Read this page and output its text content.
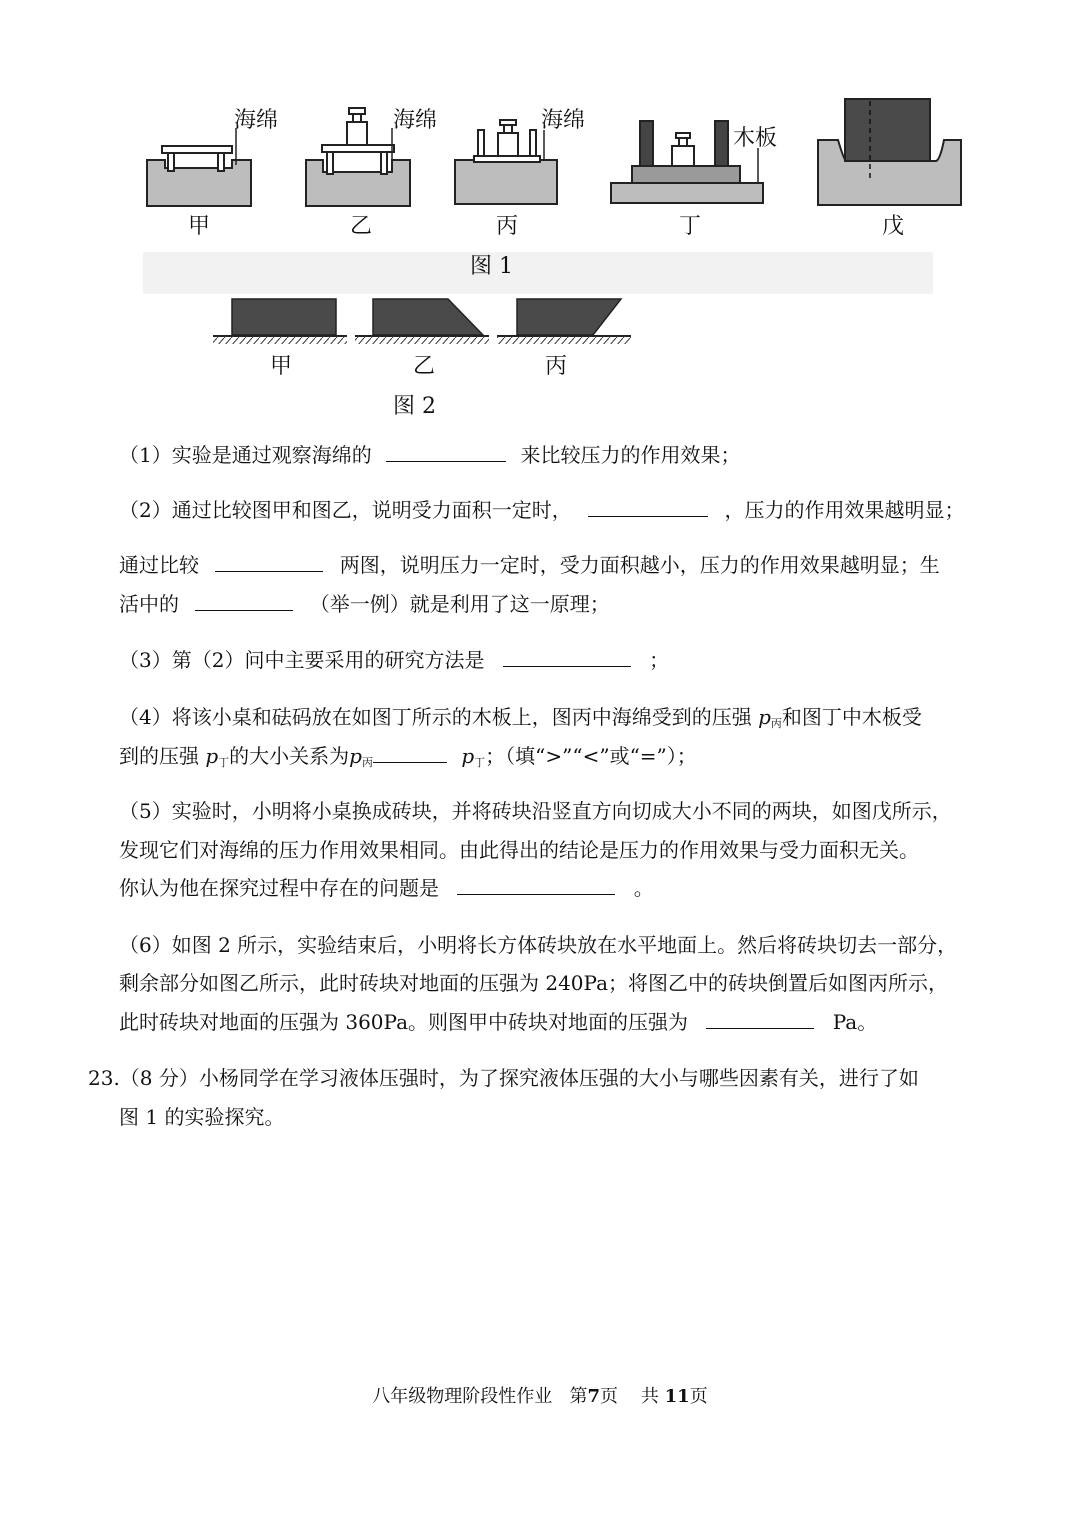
海绵	海绵	海绵
木板
甲	乙	丙	丁	戊
图 1
甲	乙	丙
图 2
（1）实验是通过观察海绵的	来比较压力的作用效果；
（2）通过比较图甲和图乙，说明受力面积一定时，	，压力的作用效果越明显；
通过比较	两图，说明压力一定时，受力面积越小，压力的作用效果越明显；生
活中的	（举一例）就是利用了这一原理；
（3）第（2）问中主要采用的研究方法是	；
（4）将该小桌和砝码放在如图丁所示的木板上，图丙中海绵受到的压强 $p_丙$和图丁中木板受
到的压强 $p_丁$的大小关系为$p_丙$	$p_丁$；（填“>”“<”或“=”）；
（5）实验时，小明将小桌换成砖块，并将砖块沿竖直方向切成大小不同的两块，如图戊所示，
发现它们对海绵的压力作用效果相同。由此得出的结论是压力的作用效果与受力面积无关。
你认为他在探究过程中存在的问题是	。
（6）如图 2 所示，实验结束后，小明将长方体砖块放在水平地面上。然后将砖块切去一部分，
剩余部分如图乙所示，此时砖块对地面的压强为 240Pa；将图乙中的砖块倒置后如图丙所示，
此时砖块对地面的压强为 360Pa。则图甲中砖块对地面的压强为	Pa。
23.（8 分）小杨同学在学习液体压强时，为了探究液体压强的大小与哪些因素有关，进行了如
图 1 的实验探究。
八年级物理阶段性作业 第7页 共 11页
